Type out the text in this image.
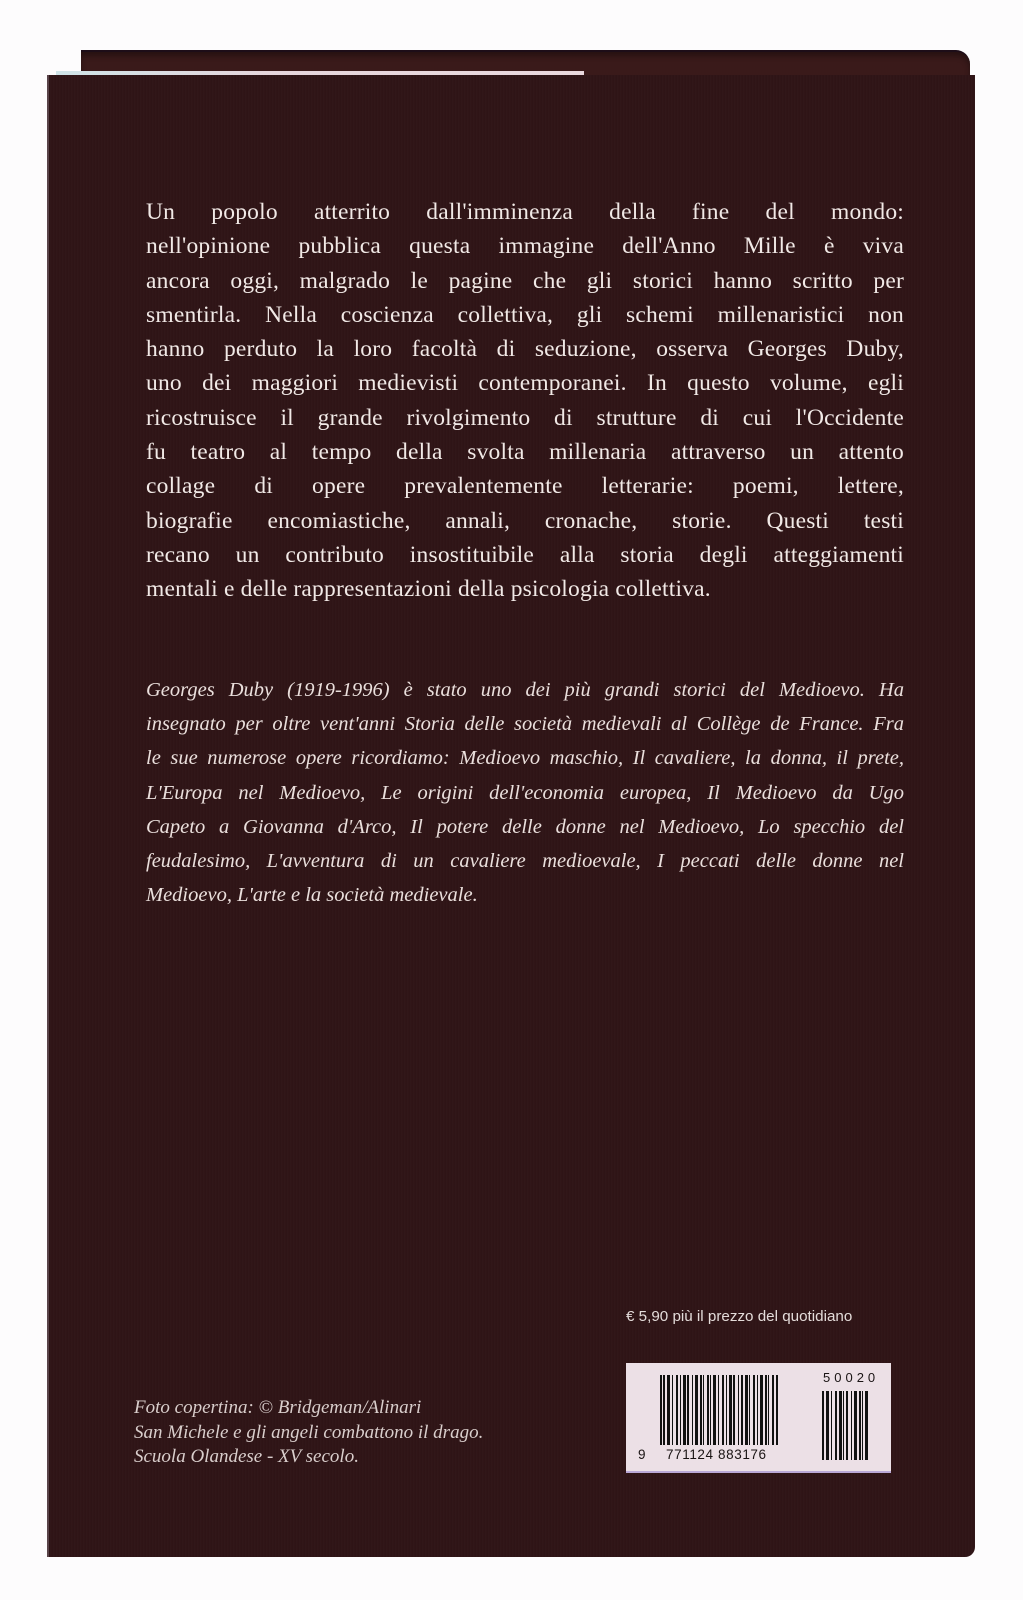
Un popolo atterrito dall'imminenza della fine del mondo:
nell'opinione pubblica questa immagine dell'Anno Mille è viva
ancora oggi, malgrado le pagine che gli storici hanno scritto per
smentirla. Nella coscienza collettiva, gli schemi millenaristici non
hanno perduto la loro facoltà di seduzione, osserva Georges Duby,
uno dei maggiori medievisti contemporanei. In questo volume, egli
ricostruisce il grande rivolgimento di strutture di cui l'Occidente
fu teatro al tempo della svolta millenaria attraverso un attento
collage di opere prevalentemente letterarie: poemi, lettere,
biografie encomiastiche, annali, cronache, storie. Questi testi
recano un contributo insostituibile alla storia degli atteggiamenti
mentali e delle rappresentazioni della psicologia collettiva.
Georges Duby (1919-1996) è stato uno dei più grandi storici del Medioevo. Ha
insegnato per oltre vent'anni Storia delle società medievali al Collège de France. Fra
le sue numerose opere ricordiamo: Medioevo maschio, Il cavaliere, la donna, il prete,
L'Europa nel Medioevo, Le origini dell'economia europea, Il Medioevo da Ugo
Capeto a Giovanna d'Arco, Il potere delle donne nel Medioevo, Lo specchio del
feudalesimo, L'avventura di un cavaliere medioevale, I peccati delle donne nel
Medioevo, L'arte e la società medievale.
€ 5,90 più il prezzo del quotidiano
50020
9 771124 883176
Foto copertina: © Bridgeman/Alinari
San Michele e gli angeli combattono il drago.
Scuola Olandese - XV secolo.
